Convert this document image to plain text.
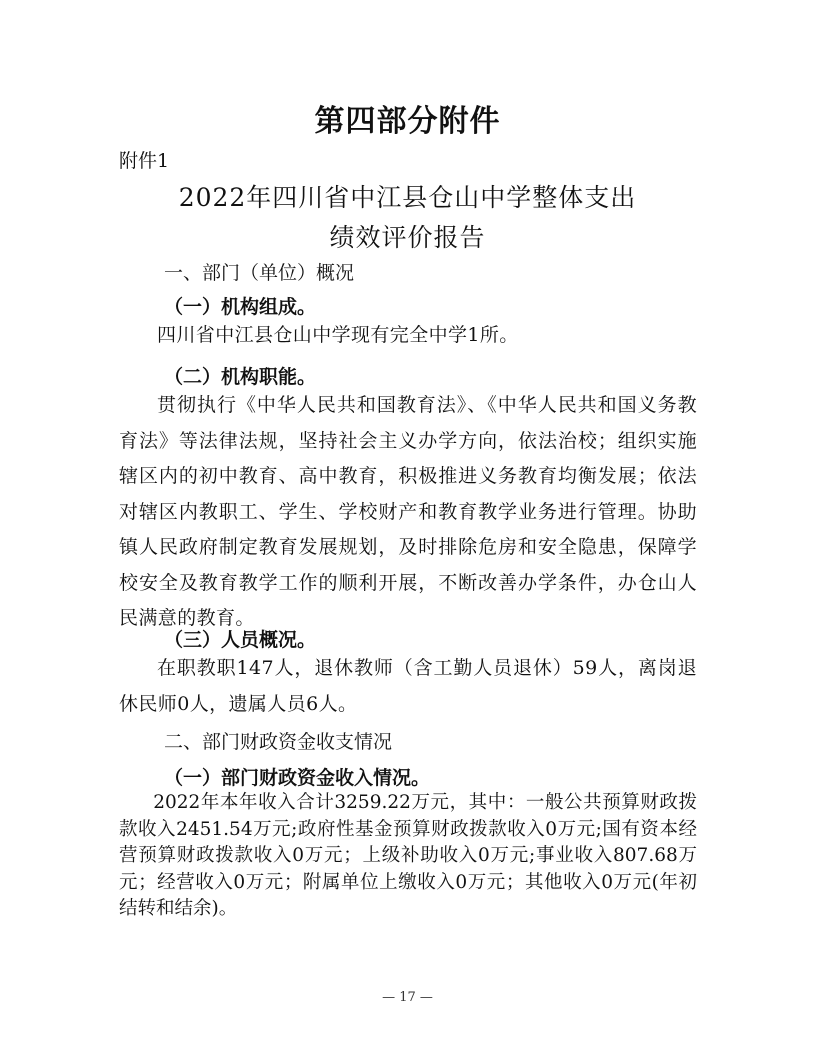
第四部分附件
附件1
2022年四川省中江县仓山中学整体支出
绩效评价报告
一、部门（单位）概况
（一）机构组成。
四川省中江县仓山中学现有完全中学1所。
（二）机构职能。
贯彻执行《中华人民共和国教育法》、《中华人民共和国义务教育法》等法律法规，坚持社会主义办学方向，依法治校；组织实施辖区内的初中教育、高中教育，积极推进义务教育均衡发展；依法对辖区内教职工、学生、学校财产和教育教学业务进行管理。协助镇人民政府制定教育发展规划，及时排除危房和安全隐患，保障学校安全及教育教学工作的顺利开展，不断改善办学条件，办仓山人民满意的教育。
（三）人员概况。
在职教职147人，退休教师（含工勤人员退休）59人，离岗退休民师0人，遗属人员6人。
二、部门财政资金收支情况
（一）部门财政资金收入情况。
2022年本年收入合计3259.22万元，其中：一般公共预算财政拨款收入2451.54万元;政府性基金预算财政拨款收入0万元;国有资本经营预算财政拨款收入0万元；上级补助收入0万元;事业收入807.68万元；经营收入0万元；附属单位上缴收入0万元；其他收入0万元(年初结转和结余)。
— 17 —
